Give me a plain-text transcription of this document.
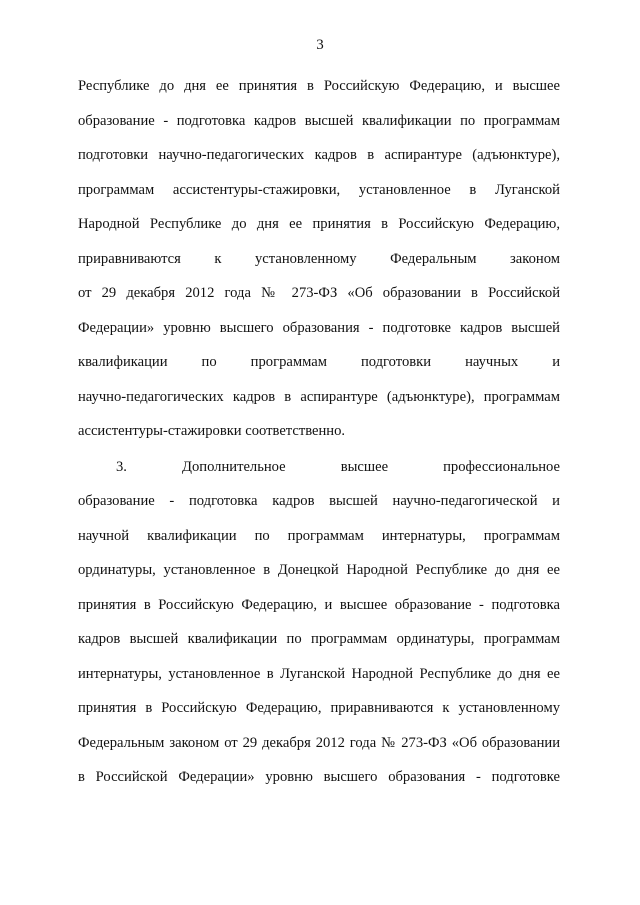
3
Республике до дня ее принятия в Российскую Федерацию, и высшее
образование - подготовка кадров высшей квалификации по программам
подготовки научно-педагогических кадров в аспирантуре (адъюнктуре),
программам ассистентуры-стажировки, установленное в Луганской
Народной Республике до дня ее принятия в Российскую Федерацию,
приравниваются к установленному Федеральным законом
от 29 декабря 2012 года № 273-ФЗ «Об образовании в Российской
Федерации» уровню высшего образования - подготовке кадров высшей
квалификации по программам подготовки научных и
научно-педагогических кадров в аспирантуре (адъюнктуре), программам
ассистентуры-стажировки соответственно.
3. Дополнительное высшее профессиональное
образование - подготовка кадров высшей научно-педагогической и
научной квалификации по программам интернатуры, программам
ординатуры, установленное в Донецкой Народной Республике до дня ее
принятия в Российскую Федерацию, и высшее образование - подготовка
кадров высшей квалификации по программам ординатуры, программам
интернатуры, установленное в Луганской Народной Республике до дня ее
принятия в Российскую Федерацию, приравниваются к установленному
Федеральным законом от 29 декабря 2012 года № 273-ФЗ «Об образовании
в Российской Федерации» уровню высшего образования - подготовке
